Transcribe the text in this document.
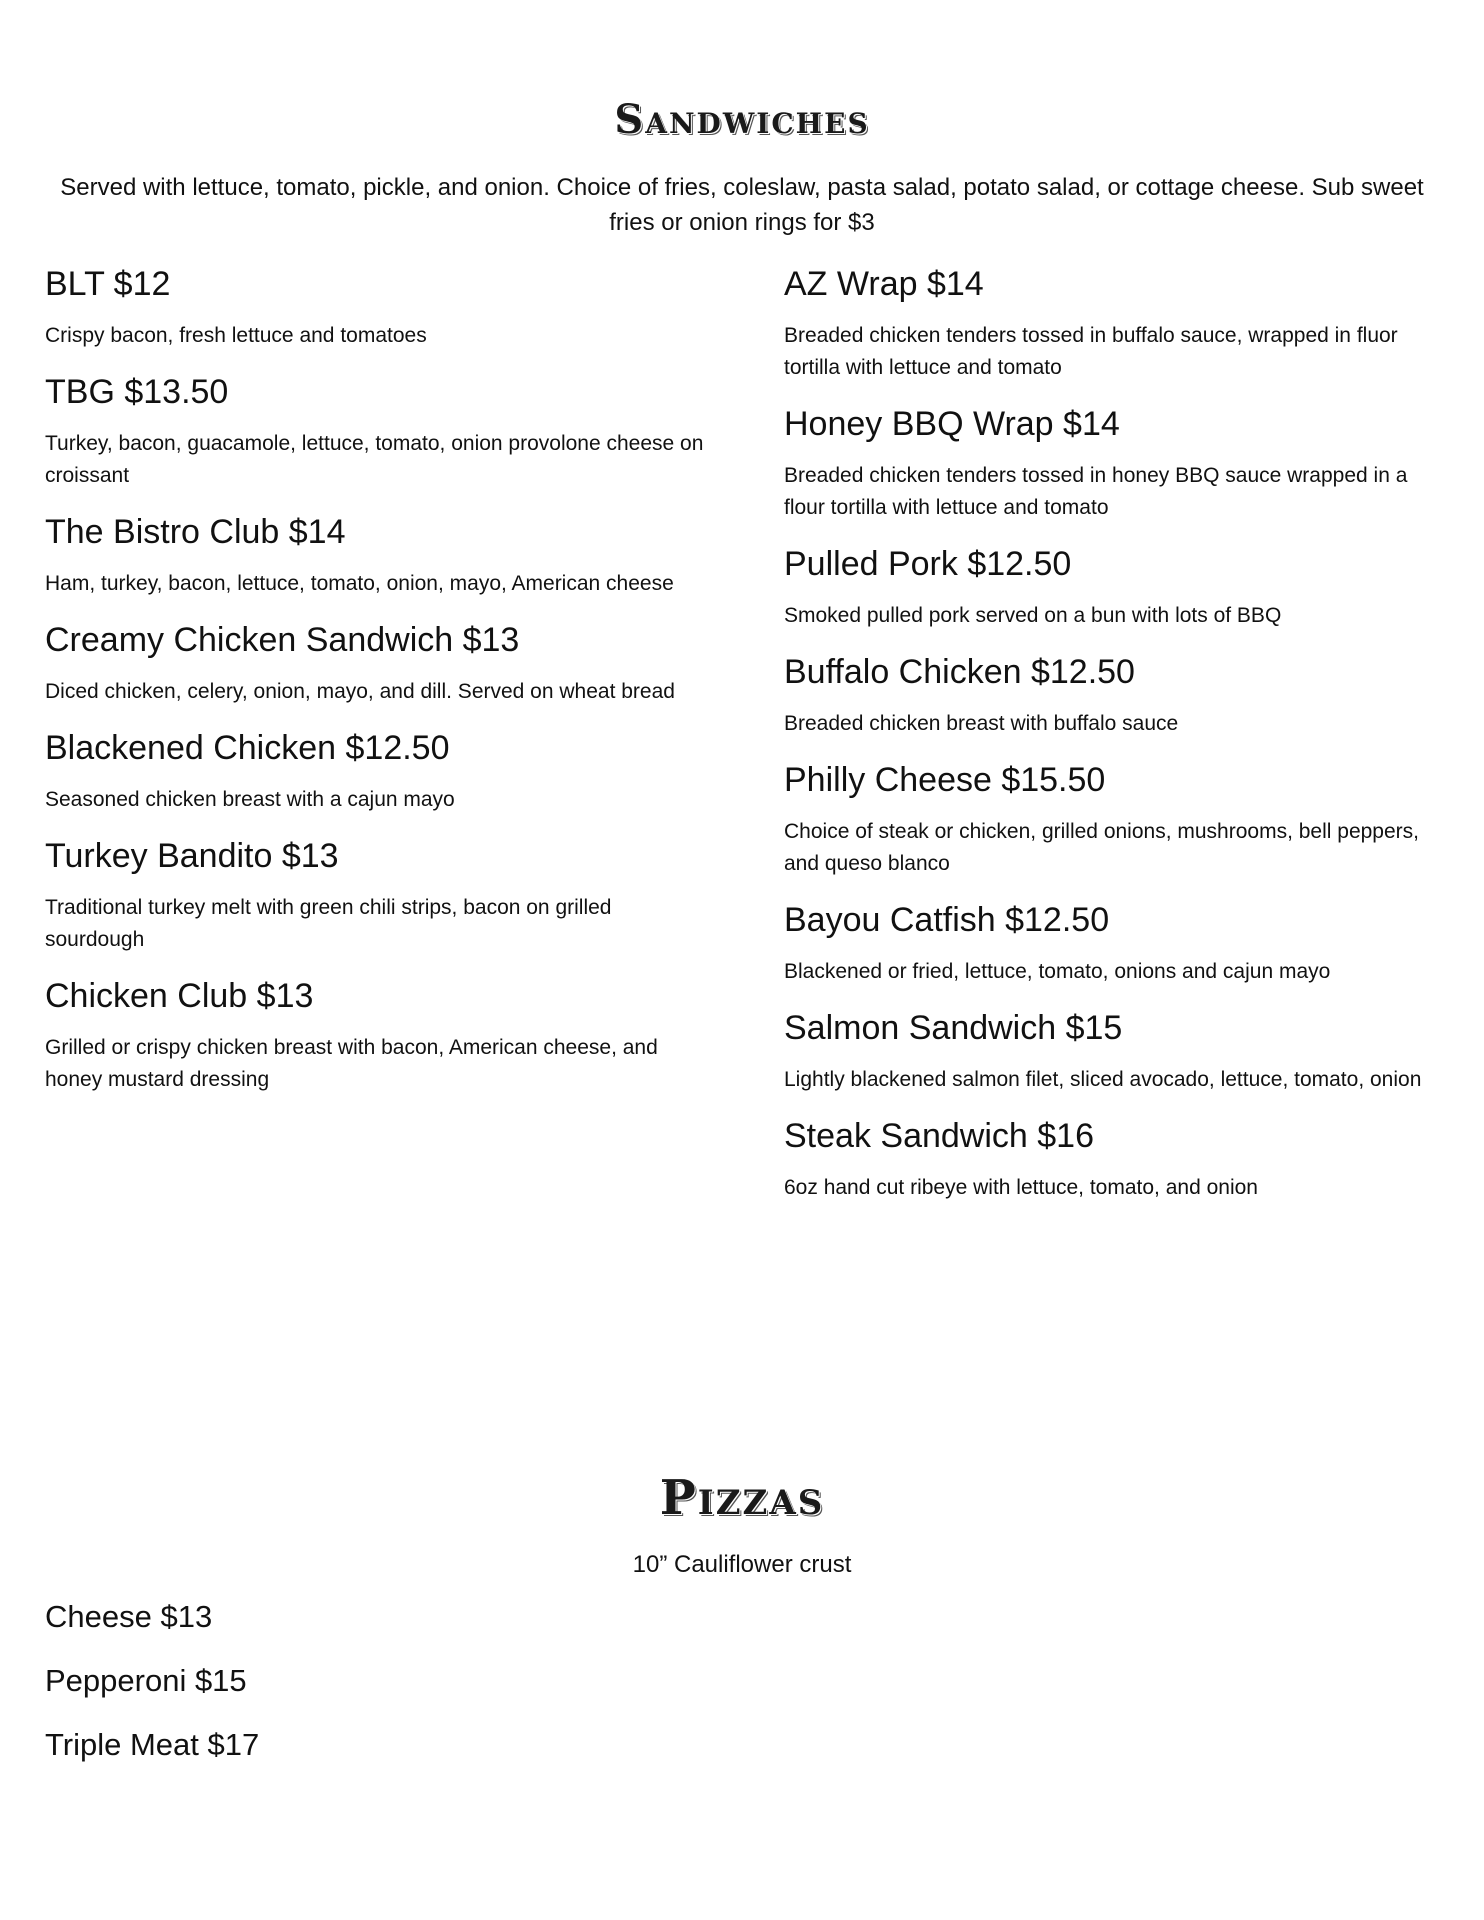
Sandwiches

Served with lettuce, tomato, pickle, and onion. Choice of fries, coleslaw, pasta salad, potato salad, or cottage cheese. Sub sweet fries or onion rings for $3

BLT $12

Crispy bacon, fresh lettuce and tomatoes

TBG $13.50

Turkey, bacon, guacamole, lettuce, tomato, onion provolone cheese on croissant

The Bistro Club $14

Ham, turkey, bacon, lettuce, tomato, onion, mayo, American cheese

Creamy Chicken Sandwich $13

Diced chicken, celery, onion, mayo, and dill. Served on wheat bread

Blackened Chicken $12.50

Seasoned chicken breast with a cajun mayo

Turkey Bandito $13

Traditional turkey melt with green chili strips, bacon on grilled sourdough

Chicken Club $13

Grilled or crispy chicken breast with bacon, American cheese, and honey mustard dressing

AZ Wrap $14

Breaded chicken tenders tossed in buffalo sauce, wrapped in fluor tortilla with lettuce and tomato

Honey BBQ Wrap $14

Breaded chicken tenders tossed in honey BBQ sauce wrapped in a flour tortilla with lettuce and tomato

Pulled Pork $12.50

Smoked pulled pork served on a bun with lots of BBQ

Buffalo Chicken $12.50

Breaded chicken breast with buffalo sauce

Philly Cheese $15.50

Choice of steak or chicken, grilled onions, mushrooms, bell peppers, and queso blanco

Bayou Catfish $12.50

Blackened or fried, lettuce, tomato, onions and cajun mayo

Salmon Sandwich $15

Lightly blackened salmon filet, sliced avocado, lettuce, tomato, onion

Steak Sandwich $16

6oz hand cut ribeye with lettuce, tomato, and onion

Pizzas

10” Cauliflower crust

Cheese $13

Pepperoni $15

Triple Meat $17
